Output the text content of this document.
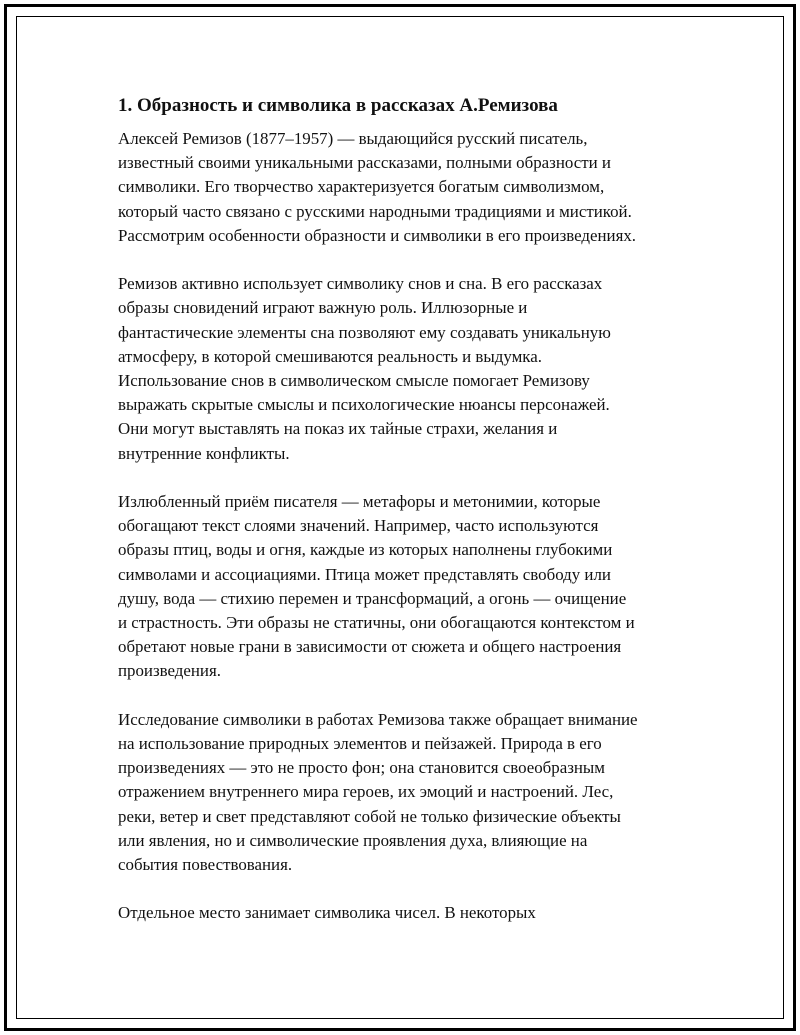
1. Образность и символика в рассказах А.Ремизова

Алексей Ремизов (1877–1957) — выдающийся русский писатель,
известный своими уникальными рассказами, полными образности и
символики. Его творчество характеризуется богатым символизмом,
который часто связано с русскими народными традициями и мистикой.
Рассмотрим особенности образности и символики в его произведениях.

Ремизов активно использует символику снов и сна. В его рассказах
образы сновидений играют важную роль. Иллюзорные и
фантастические элементы сна позволяют ему создавать уникальную
атмосферу, в которой смешиваются реальность и выдумка.
Использование снов в символическом смысле помогает Ремизову
выражать скрытые смыслы и психологические нюансы персонажей.
Они могут выставлять на показ их тайные страхи, желания и
внутренние конфликты.

Излюбленный приём писателя — метафоры и метонимии, которые
обогащают текст слоями значений. Например, часто используются
образы птиц, воды и огня, каждые из которых наполнены глубокими
символами и ассоциациями. Птица может представлять свободу или
душу, вода — стихию перемен и трансформаций, а огонь — очищение
и страстность. Эти образы не статичны, они обогащаются контекстом и
обретают новые грани в зависимости от сюжета и общего настроения
произведения.

Исследование символики в работах Ремизова также обращает внимание
на использование природных элементов и пейзажей. Природа в его
произведениях — это не просто фон; она становится своеобразным
отражением внутреннего мира героев, их эмоций и настроений. Лес,
реки, ветер и свет представляют собой не только физические объекты
или явления, но и символические проявления духа, влияющие на
события повествования.

Отдельное место занимает символика чисел. В некоторых
